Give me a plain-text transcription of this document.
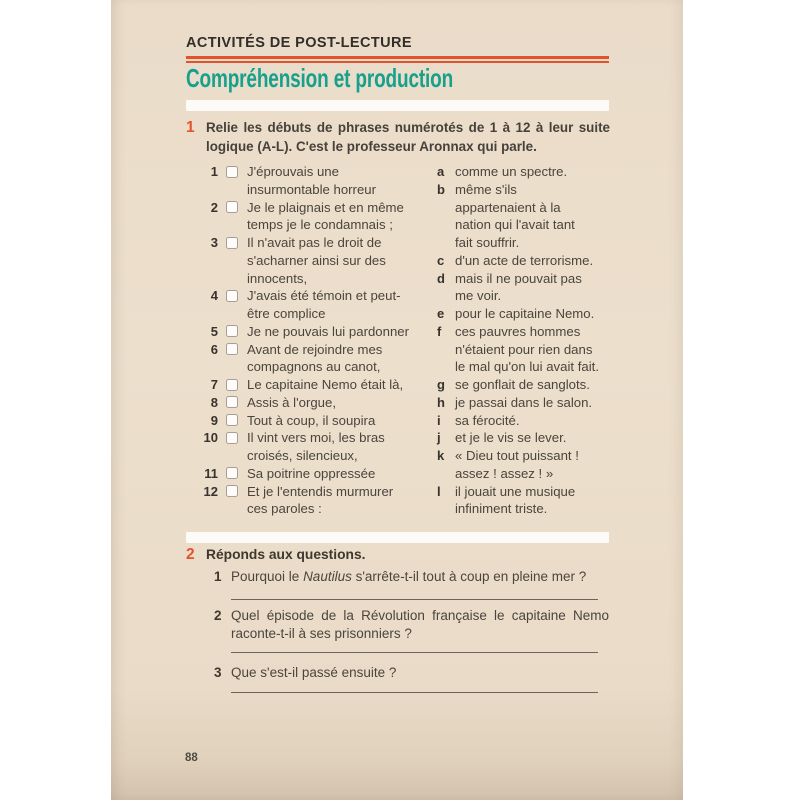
ACTIVITÉS DE POST-LECTURE
Compréhension et production
1 Relie les débuts de phrases numérotés de 1 à 12 à leur suite
logique (A-L). C'est le professeur Aronnax qui parle.
1 J'éprouvais une
insurmontable horreur
2 Je le plaignais et en même
temps je le condamnais ;
3 Il n'avait pas le droit de
s'acharner ainsi sur des
innocents,
4 J'avais été témoin et peut-
être complice
5 Je ne pouvais lui pardonner
6 Avant de rejoindre mes
compagnons au canot,
7 Le capitaine Nemo était là,
8 Assis à l'orgue,
9 Tout à coup, il soupira
10 Il vint vers moi, les bras
croisés, silencieux,
11 Sa poitrine oppressée
12 Et je l'entendis murmurer
ces paroles :
a comme un spectre.
b même s'ils
appartenaient à la
nation qui l'avait tant
fait souffrir.
c d'un acte de terrorisme.
d mais il ne pouvait pas
me voir.
e pour le capitaine Nemo.
f	ces pauvres hommes
n'étaient pour rien dans
le mal qu'on lui avait fait.
g se gonflait de sanglots.
h je passai dans le salon.
i	sa férocité.
j	et je le vis se lever.
k « Dieu tout puissant !
assez ! assez ! »
l	il jouait une musique
infiniment triste.
2 Réponds aux questions.
1 Pourquoi le Nautilus s'arrête-t-il tout à coup en pleine mer ?
2 Quel épisode de la Révolution française le capitaine Nemo
raconte-t-il à ses prisonniers ?
3 Que s'est-il passé ensuite ?
88
